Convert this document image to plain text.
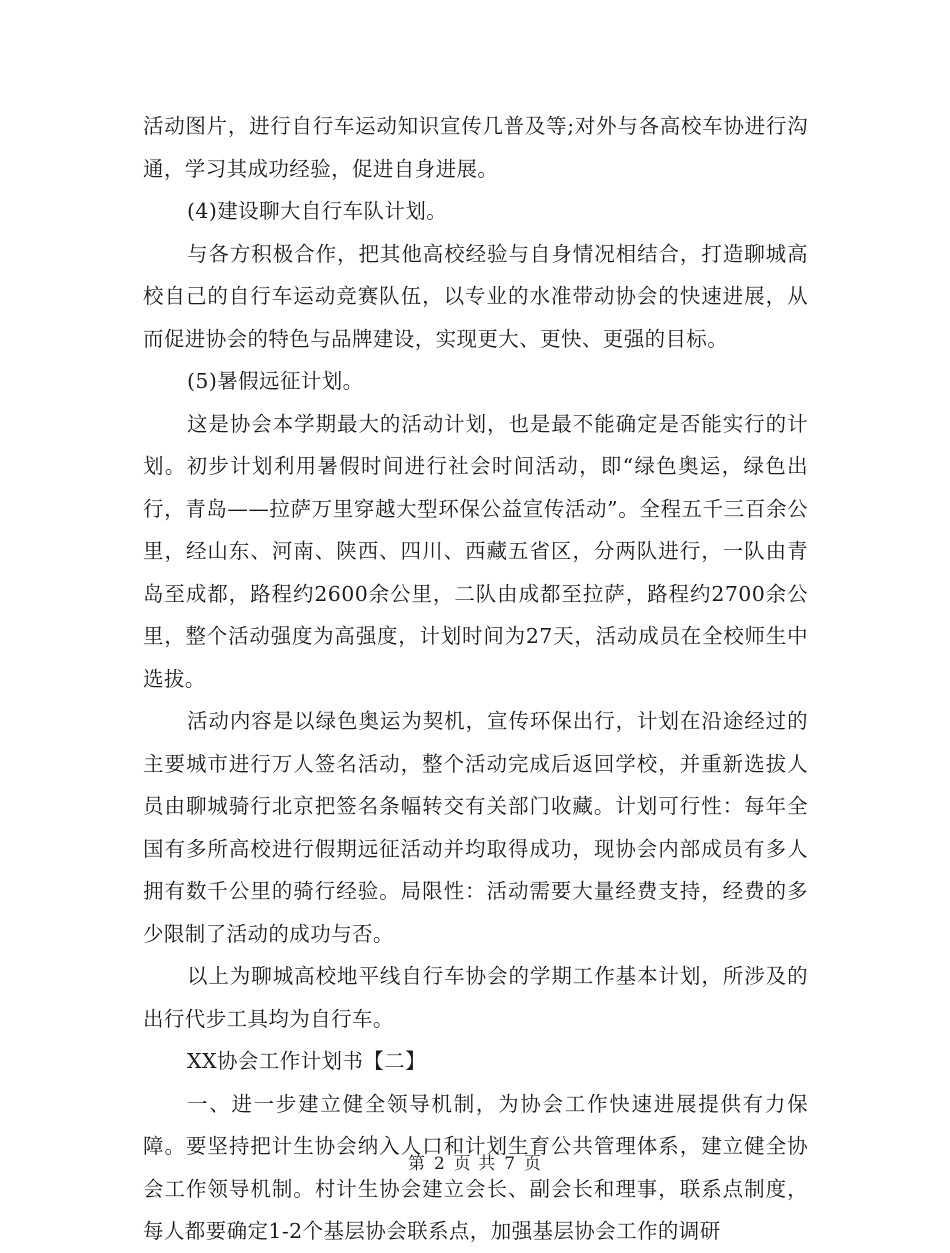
活动图片，进行自行车运动知识宣传几普及等;对外与各高校车协进行沟通，学习其成功经验，促进自身进展。

(4)建设聊大自行车队计划。

与各方积极合作，把其他高校经验与自身情况相结合，打造聊城高校自己的自行车运动竞赛队伍，以专业的水准带动协会的快速进展，从而促进协会的特色与品牌建设，实现更大、更快、更强的目标。

(5)暑假远征计划。

这是协会本学期最大的活动计划，也是最不能确定是否能实行的计划。初步计划利用暑假时间进行社会时间活动，即“绿色奥运，绿色出行，青岛——拉萨万里穿越大型环保公益宣传活动”。全程五千三百余公里，经山东、河南、陕西、四川、西藏五省区，分两队进行，一队由青岛至成都，路程约2600余公里，二队由成都至拉萨，路程约2700余公里，整个活动强度为高强度，计划时间为27天，活动成员在全校师生中选拔。

活动内容是以绿色奥运为契机，宣传环保出行，计划在沿途经过的主要城市进行万人签名活动，整个活动完成后返回学校，并重新选拔人员由聊城骑行北京把签名条幅转交有关部门收藏。计划可行性：每年全国有多所高校进行假期远征活动并均取得成功，现协会内部成员有多人拥有数千公里的骑行经验。局限性：活动需要大量经费支持，经费的多少限制了活动的成功与否。

以上为聊城高校地平线自行车协会的学期工作基本计划，所涉及的出行代步工具均为自行车。

XX协会工作计划书【二】

一、进一步建立健全领导机制，为协会工作快速进展提供有力保障。要坚持把计生协会纳入人口和计划生育公共管理体系，建立健全协会工作领导机制。村计生协会建立会长、副会长和理事，联系点制度，每人都要确定1-2个基层协会联系点，加强基层协会工作的调研

第 2 页 共 7 页
